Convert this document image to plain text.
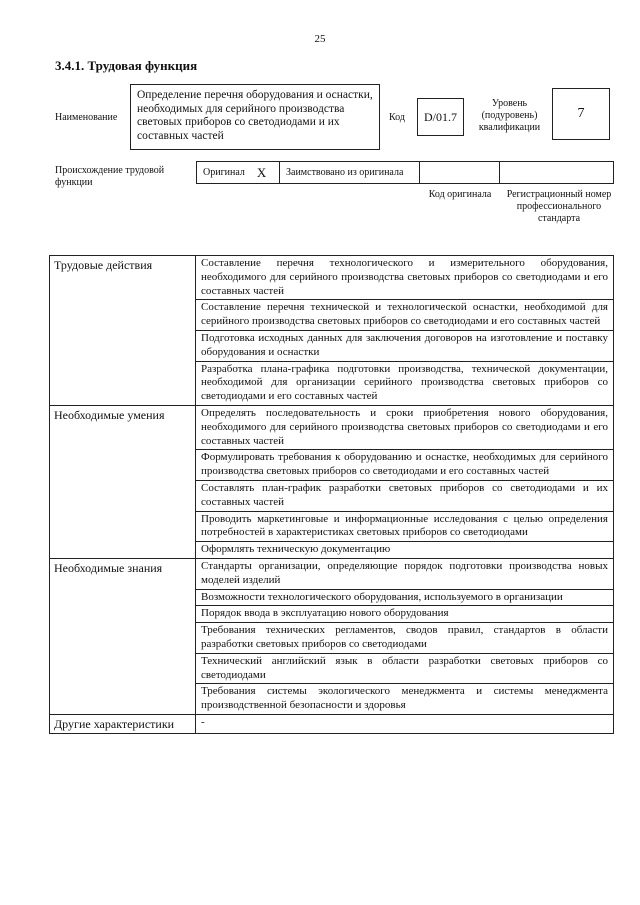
25
3.4.1. Трудовая функция
Наименование
Определение перечня оборудования и оснастки, необходимых для серийного производства световых приборов со светодиодами и их составных частей
Код	D/01.7
Уровень (подуровень) квалификации
7
Происхождение трудовой функции
Оригинал X	Заимствовано из оригинала
Код оригинала	Регистрационный номер профессионального стандарта
Трудовые действия	Составление перечня технологического и измерительного оборудования, необходимого для серийного производства световых приборов со светодиодами и его составных частей
	Составление перечня технической и технологической оснастки, необходимой для серийного производства световых приборов со светодиодами и его составных частей
	Подготовка исходных данных для заключения договоров на изготовление и поставку оборудования и оснастки
	Разработка плана-графика подготовки производства, технической документации, необходимой для организации серийного производства световых приборов со светодиодами и его составных частей
Необходимые умения	Определять последовательность и сроки приобретения нового оборудования, необходимого для серийного производства световых приборов со светодиодами и его составных частей
	Формулировать требования к оборудованию и оснастке, необходимых для серийного производства световых приборов со светодиодами и его составных частей
	Составлять план-график разработки световых приборов со светодиодами и их составных частей
	Проводить маркетинговые и информационные исследования с целью определения потребностей в характеристиках световых приборов со светодиодами
	Оформлять техническую документацию
Необходимые знания	Стандарты организации, определяющие порядок подготовки производства новых моделей изделий
	Возможности технологического оборудования, используемого в организации
	Порядок ввода в эксплуатацию нового оборудования
	Требования технических регламентов, сводов правил, стандартов в области разработки световых приборов со светодиодами
	Технический английский язык в области разработки световых приборов со светодиодами
	Требования системы экологического менеджмента и системы менеджмента производственной безопасности и здоровья
Другие характеристики	-
